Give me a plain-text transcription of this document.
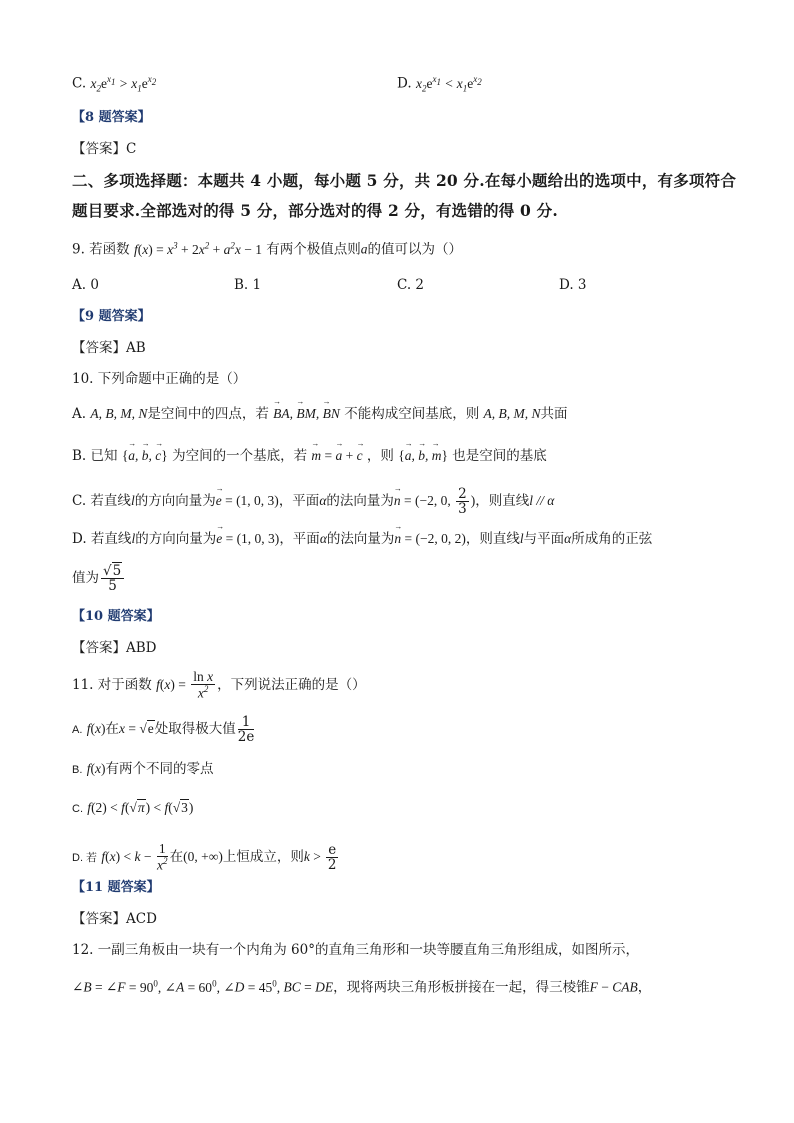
C. $x_2e^{x_1} > x_1e^{x_2}$	D. $x_2e^{x_1} < x_1e^{x_2}$
【8 题答案】
【答案】C
二、多项选择题：本题共 4 小题，每小题 5 分，共 20 分.在每小题给出的选项中，有多项符合
题目要求.全部选对的得 5 分，部分选对的得 2 分，有选错的得 0 分.
9. 若函数 $f(x) = x^3 + 2x^2 + a^2x - 1$ 有两个极值点则a的值可以为（）
A. 0	B. 1	C. 2	D. 3
【9 题答案】
【答案】AB
10. 下列命题中正确的是（）
A. A, B, M, N是空间中的四点，若 → BA, → BM, → BN 不能构成空间基底，则 A, B, M, N共面
B. 已知 {→ a, → b, → c} 为空间的一个基底，若 → m = → a + → c ，则 {→ a, → b, → m} 也是空间的基底
C. 若直线l的方向向量为→ e = (1, 0, 3)，平面α的法向量为→ n = (−2, 0, $\frac{2}{3}$ )，则直线l // α
D. 若直线l的方向向量为→ e = (1, 0, 3)，平面α的法向量为→ n = (−2, 0, 2)，则直线l与平面α所成角的正弦
值为 $\frac{√5}{5}$
【10 题答案】
【答案】ABD
11. 对于函数 $f(x) = \frac{\text{ln x}}{x^2}$ ，下列说法正确的是（）
A. f(x)在x = √e处取得极大值 $\frac{1}{2e}$
B. f(x)有两个不同的零点
C. f(2) < f(√π) < f(√3)
D. 若 $f(x) < k - \frac{1}{x^2}$ 在(0, +∞)上恒成立，则$k > \frac{e}{2}$
【11 题答案】
【答案】ACD
12. 一副三角板由一块有一个内角为 60°的直角三角形和一块等腰直角三角形组成，如图所示，
∠B = ∠F = $90^0$, ∠A = $60^0$, ∠D = $45^0$, BC = DE，现将两块三角形板拼接在一起，得三棱锥F − CAB，
